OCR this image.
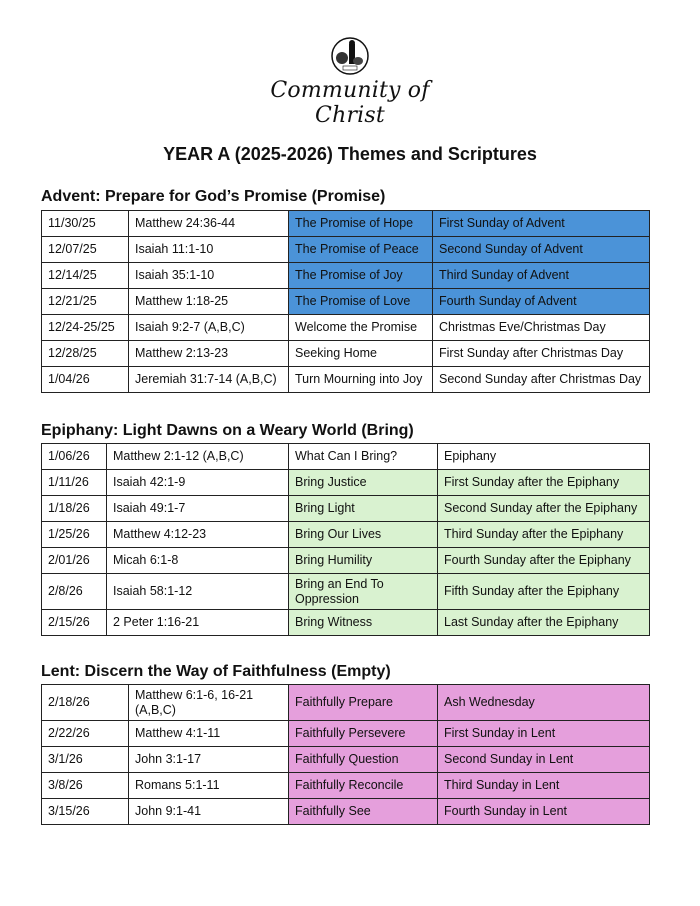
Community of Christ
YEAR A (2025-2026) Themes and Scriptures
Advent: Prepare for God’s Promise (Promise)
11/30/25	Matthew 24:36-44	The Promise of Hope	First Sunday of Advent
12/07/25	Isaiah 11:1-10	The Promise of Peace	Second Sunday of Advent
12/14/25	Isaiah 35:1-10	The Promise of Joy	Third Sunday of Advent
12/21/25	Matthew 1:18-25	The Promise of Love	Fourth Sunday of Advent
12/24-25/25	Isaiah 9:2-7 (A,B,C)	Welcome the Promise	Christmas Eve/Christmas Day
12/28/25	Matthew 2:13-23	Seeking Home	First Sunday after Christmas Day
1/04/26	Jeremiah 31:7-14 (A,B,C)	Turn Mourning into Joy	Second Sunday after Christmas Day
Epiphany: Light Dawns on a Weary World (Bring)
1/06/26	Matthew 2:1-12 (A,B,C)	What Can I Bring?	Epiphany
1/11/26	Isaiah 42:1-9	Bring Justice	First Sunday after the Epiphany
1/18/26	Isaiah 49:1-7	Bring Light	Second Sunday after the Epiphany
1/25/26	Matthew 4:12-23	Bring Our Lives	Third Sunday after the Epiphany
2/01/26	Micah 6:1-8	Bring Humility	Fourth Sunday after the Epiphany
2/8/26	Isaiah 58:1-12	Bring an End To Oppression	Fifth Sunday after the Epiphany
2/15/26	2 Peter 1:16-21	Bring Witness	Last Sunday after the Epiphany
Lent: Discern the Way of Faithfulness (Empty)
2/18/26	Matthew 6:1-6, 16-21 (A,B,C)	Faithfully Prepare	Ash Wednesday
2/22/26	Matthew 4:1-11	Faithfully Persevere	First Sunday in Lent
3/1/26	John 3:1-17	Faithfully Question	Second Sunday in Lent
3/8/26	Romans 5:1-11	Faithfully Reconcile	Third Sunday in Lent
3/15/26	John 9:1-41	Faithfully See	Fourth Sunday in Lent
